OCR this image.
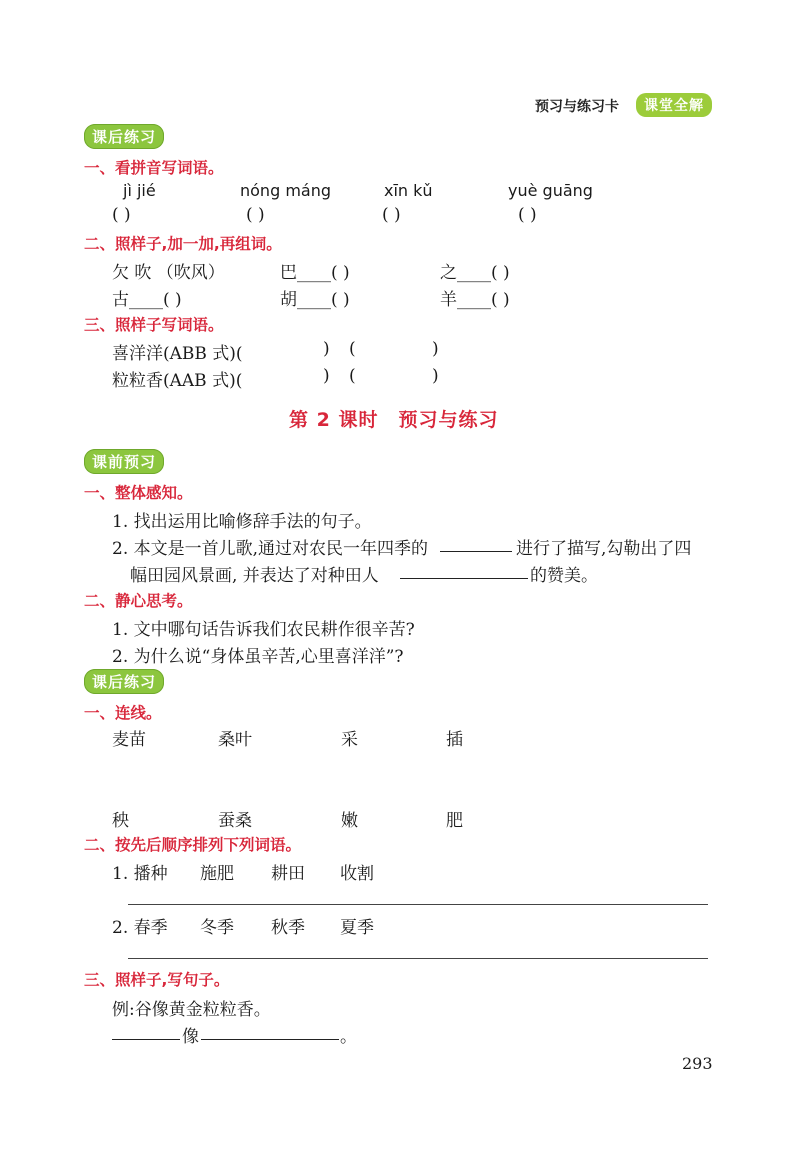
预习与练习卡	课堂全解
课后练习
一、看拼音写词语。
jì jié	nóng máng	xīn kǔ	yuè guāng
( )	( )	( )	( )
二、照样子,加一加,再组词。
欠 吹 （吹风）	巴____( )	之____( )
古____( )	胡____( )	羊____( )
三、照样子写词语。
喜洋洋(ABB 式)(	) (	)
粒粒香(AAB 式)(	) (	)
第 2 课时　预习与练习
课前预习
一、整体感知。
1. 找出运用比喻修辞手法的句子。
2. 本文是一首儿歌,通过对农民一年四季的	进行了描写,勾勒出了四
幅田园风景画, 并表达了对种田人	的赞美。
二、静心思考。
1. 文中哪句话告诉我们农民耕作很辛苦?
2. 为什么说“身体虽辛苦,心里喜洋洋”?
课后练习
一、连线。
麦苗	桑叶	采	插
秧	蚕桑	嫩	肥
二、按先后顺序排列下列词语。
1. 播种 施肥 耕田 收割
2. 春季 冬季 秋季 夏季
三、照样子,写句子。
例:谷像黄金粒粒香。
像	。
293
